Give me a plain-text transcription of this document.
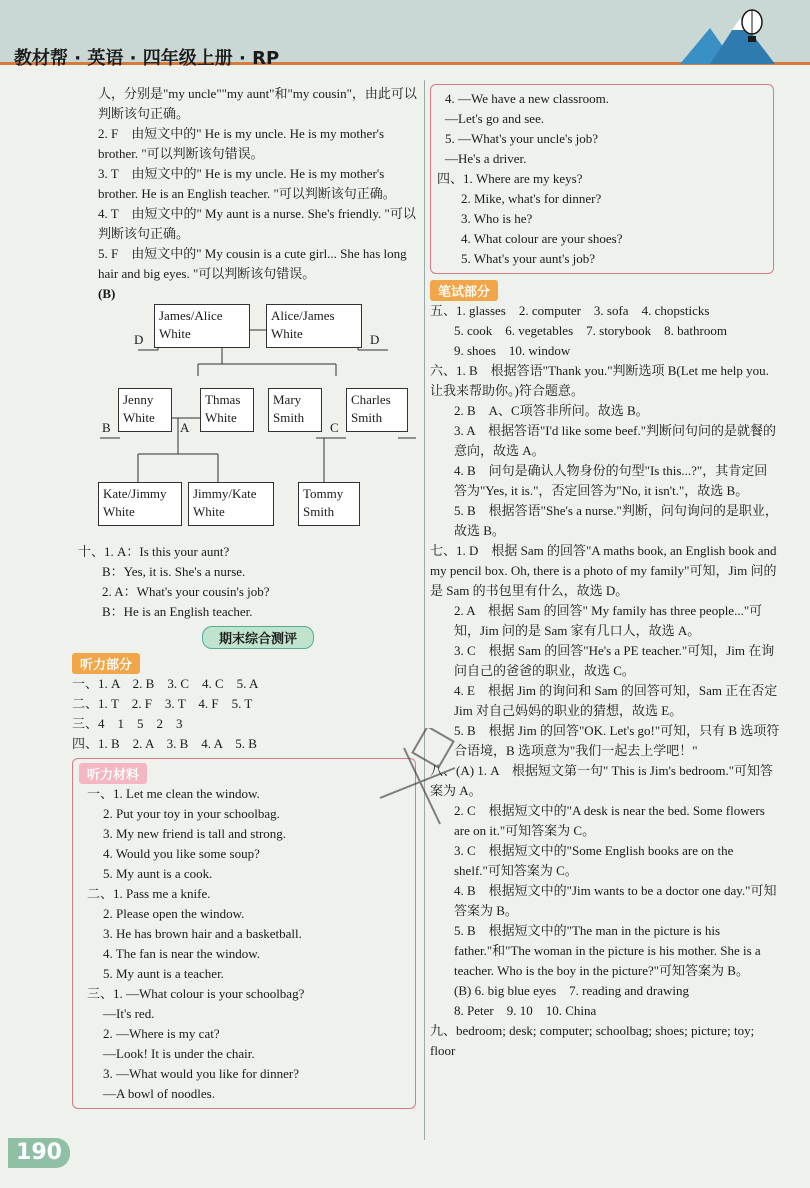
教材帮 · 英语 · 四年级上册 · RP

人，分别是"my uncle""my aunt"和"my cousin"，由此可以判断该句正确。

2. F　由短文中的" He is my uncle. He is my mother's brother. "可以判断该句错误。

3. T　由短文中的" He is my uncle. He is my mother's brother. He is an English teacher. "可以判断该句正确。

4. T　由短文中的" My aunt is a nurse. She's friendly. "可以判断该句正确。

5. F　由短文中的" My cousin is a cute girl... She has long hair and big eyes. "可以判断该句错误。

(B)

James/Alice
White
Alice/James
White
Jenny
White
Thmas
White
Mary
Smith
Charles
Smith
Kate/Jimmy
White
Jimmy/Kate
White
Tommy
Smith
D	D
B	A	C

十、1. A：Is this your aunt?

B：Yes, it is. She's a nurse.

2. A：What's your cousin's job?

B：He is an English teacher.

期末综合测评
听力部分

一、1. A　2. B　3. C　4. C　5. A

二、1. T　2. F　3. T　4. F　5. T

三、4　1　5　2　3

四、1. B　2. A　3. B　4. A　5. B

听力材料

一、1. Let me clean the window.

2. Put your toy in your schoolbag.

3. My new friend is tall and strong.

4. Would you like some soup?

5. My aunt is a cook.

二、1. Pass me a knife.

2. Please open the window.

3. He has brown hair and a basketball.

4. The fan is near the window.

5. My aunt is a teacher.

三、1. —What colour is your schoolbag?

—It's red.

2. —Where is my cat?

—Look! It is under the chair.

3. —What would you like for dinner?

—A bowl of noodles.

4. —We have a new classroom.

—Let's go and see.

5. —What's your uncle's job?

—He's a driver.

四、1. Where are my keys?

2. Mike, what's for dinner?

3. Who is he?

4. What colour are your shoes?

5. What's your aunt's job?

笔试部分

五、1. glasses　2. computer　3. sofa　4. chopsticks

5. cook　6. vegetables　7. storybook　8. bathroom

9. shoes　10. window

六、1. B　根据答语"Thank you."判断选项 B(Let me help you. 让我来帮助你。)符合题意。

2. B　A、C项答非所问。故选 B。

3. A　根据答语"I'd like some beef."判断问句问的是就餐的意向，故选 A。

4. B　问句是确认人物身份的句型"Is this...?"，其肯定回答为"Yes, it is."，否定回答为"No, it isn't."，故选 B。

5. B　根据答语"She's a nurse."判断，问句询问的是职业，故选 B。

七、1. D　根据 Sam 的回答"A maths book, an English book and my pencil box. Oh, there is a photo of my family"可知，Jim 问的是 Sam 的书包里有什么，故选 D。

2. A　根据 Sam 的回答" My family has three people..."可知，Jim 问的是 Sam 家有几口人，故选 A。

3. C　根据 Sam 的回答"He's a PE teacher."可知，Jim 在询问自己的爸爸的职业，故选 C。

4. E　根据 Jim 的询问和 Sam 的回答可知，Sam 正在否定 Jim 对自己妈妈的职业的猜想，故选 E。

5. B　根据 Jim 的回答"OK. Let's go!"可知，只有 B 选项符合语境，B 选项意为"我们一起去上学吧！"

八、(A) 1. A　根据短文第一句" This is Jim's bedroom."可知答案为 A。

2. C　根据短文中的"A desk is near the bed. Some flowers are on it."可知答案为 C。

3. C　根据短文中的"Some English books are on the shelf."可知答案为 C。

4. B　根据短文中的"Jim wants to be a doctor one day."可知答案为 B。

5. B　根据短文中的"The man in the picture is his father."和"The woman in the picture is his mother. She is a teacher. Who is the boy in the picture?"可知答案为 B。

(B) 6. big blue eyes　7. reading and drawing

8. Peter　9. 10　10. China

九、bedroom; desk; computer; schoolbag; shoes; picture; toy; floor

190
